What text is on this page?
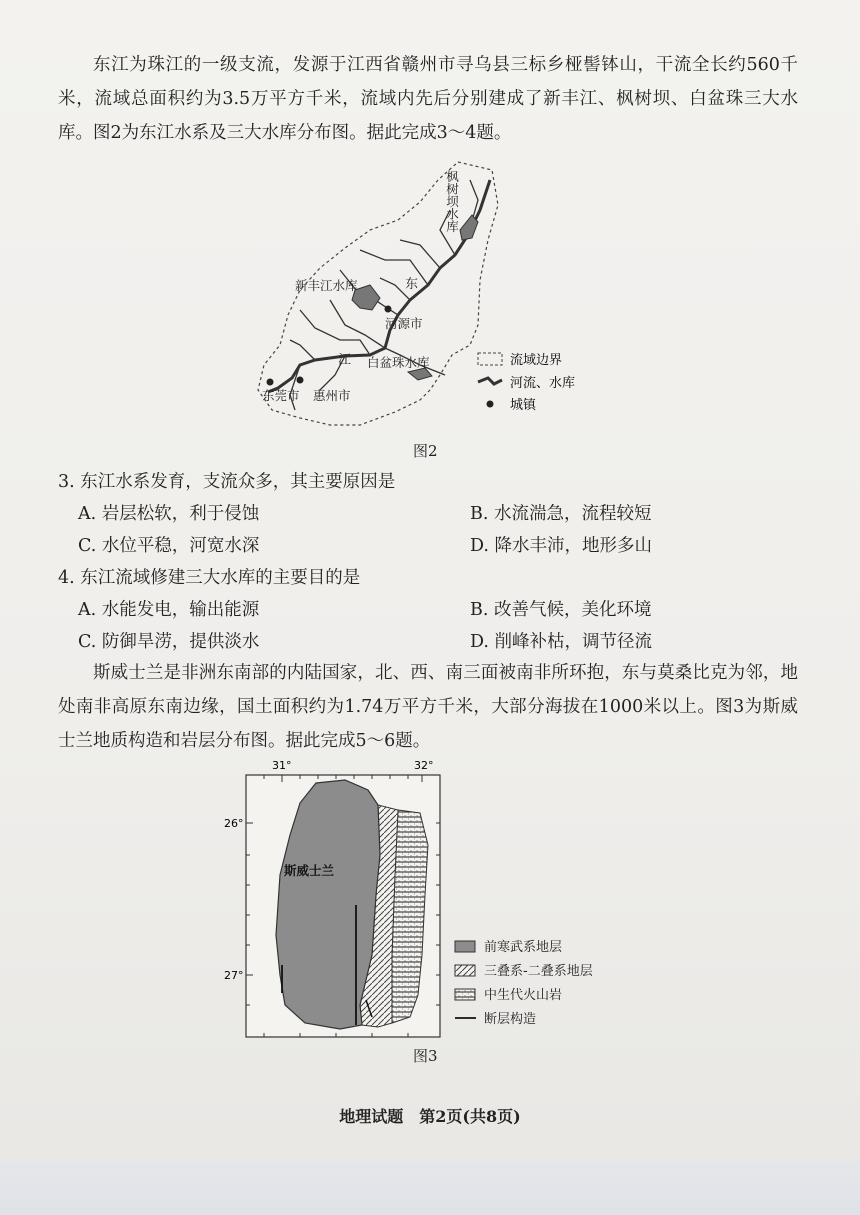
东江为珠江的一级支流，发源于江西省赣州市寻乌县三标乡桠髻钵山，干流全长约560千米，流域总面积约为3.5万平方千米，流域内先后分别建成了新丰江、枫树坝、白盆珠三大水库。图2为东江水系及三大水库分布图。据此完成3～4题。

枫树坝水库
新丰江水库	东
河源市
江 白盆珠水库
东莞市 惠州市
流域边界
河流、水库
城镇
图2
3. 东江水系发育，支流众多，其主要原因是
A. 岩层松软，利于侵蚀	B. 水流湍急，流程较短
C. 水位平稳，河宽水深	D. 降水丰沛，地形多山
4. 东江流域修建三大水库的主要目的是
A. 水能发电，输出能源	B. 改善气候，美化环境
C. 防御旱涝，提供淡水	D. 削峰补枯，调节径流

斯威士兰是非洲东南部的内陆国家，北、西、南三面被南非所环抱，东与莫桑比克为邻，地处南非高原东南边缘，国土面积约为1.74万平方千米，大部分海拔在1000米以上。图3为斯威士兰地质构造和岩层分布图。据此完成5～6题。

31°	32°
26°
27°
斯威士兰
前寒武系地层
三叠系-二叠系地层
中生代火山岩
断层构造
图3
地理试题　第2页(共8页)
